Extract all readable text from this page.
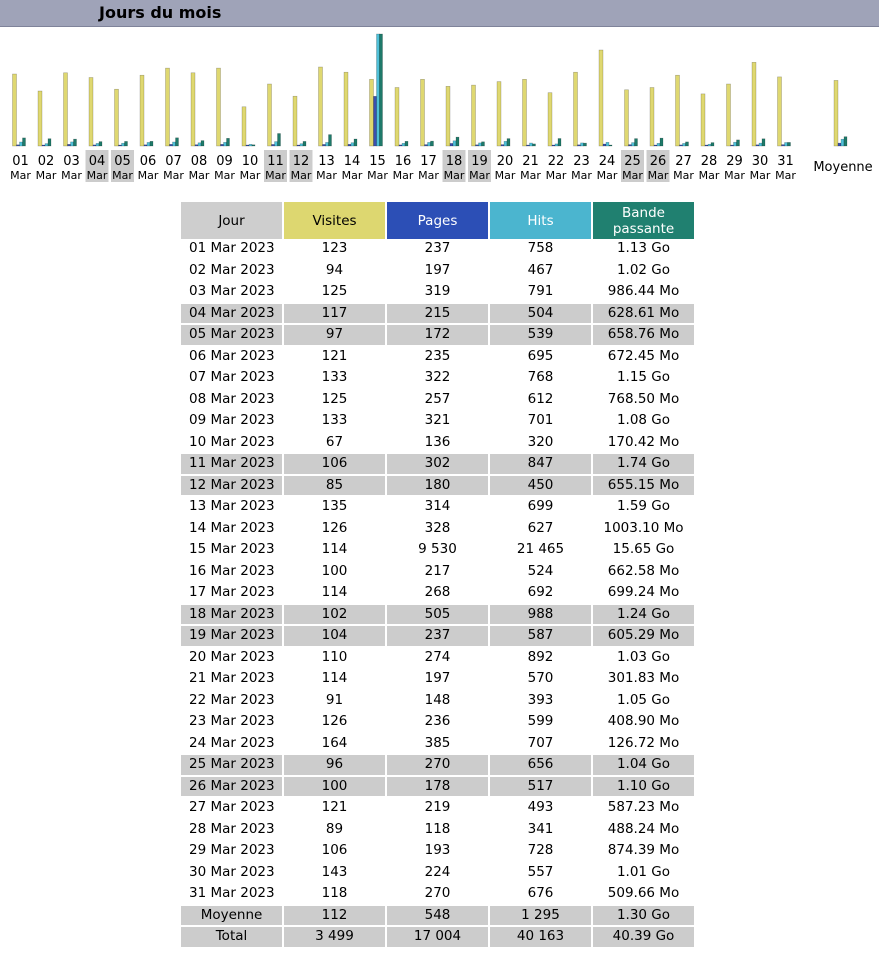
Jours du mois
01
Mar
02
Mar
03
Mar
04
Mar
05
Mar
06
Mar
07
Mar
08
Mar
09
Mar
10
Mar
11
Mar
12
Mar
13
Mar
14
Mar
15
Mar
16
Mar
17
Mar
18
Mar
19
Mar
20
Mar
21
Mar
22
Mar
23
Mar
24
Mar
25
Mar
26
Mar
27
Mar
28
Mar
29
Mar
30
Mar
31
Mar
Moyenne
Jour	Visites	Pages	Hits	Bande
passante
01 Mar 2023	123	237	758	1.13 Go
02 Mar 2023	94	197	467	1.02 Go
03 Mar 2023	125	319	791	986.44 Mo
04 Mar 2023	117	215	504	628.61 Mo
05 Mar 2023	97	172	539	658.76 Mo
06 Mar 2023	121	235	695	672.45 Mo
07 Mar 2023	133	322	768	1.15 Go
08 Mar 2023	125	257	612	768.50 Mo
09 Mar 2023	133	321	701	1.08 Go
10 Mar 2023	67	136	320	170.42 Mo
11 Mar 2023	106	302	847	1.74 Go
12 Mar 2023	85	180	450	655.15 Mo
13 Mar 2023	135	314	699	1.59 Go
14 Mar 2023	126	328	627	1003.10 Mo
15 Mar 2023	114	9 530	21 465	15.65 Go
16 Mar 2023	100	217	524	662.58 Mo
17 Mar 2023	114	268	692	699.24 Mo
18 Mar 2023	102	505	988	1.24 Go
19 Mar 2023	104	237	587	605.29 Mo
20 Mar 2023	110	274	892	1.03 Go
21 Mar 2023	114	197	570	301.83 Mo
22 Mar 2023	91	148	393	1.05 Go
23 Mar 2023	126	236	599	408.90 Mo
24 Mar 2023	164	385	707	126.72 Mo
25 Mar 2023	96	270	656	1.04 Go
26 Mar 2023	100	178	517	1.10 Go
27 Mar 2023	121	219	493	587.23 Mo
28 Mar 2023	89	118	341	488.24 Mo
29 Mar 2023	106	193	728	874.39 Mo
30 Mar 2023	143	224	557	1.01 Go
31 Mar 2023	118	270	676	509.66 Mo
Moyenne	112	548	1 295	1.30 Go
Total	3 499	17 004	40 163	40.39 Go
